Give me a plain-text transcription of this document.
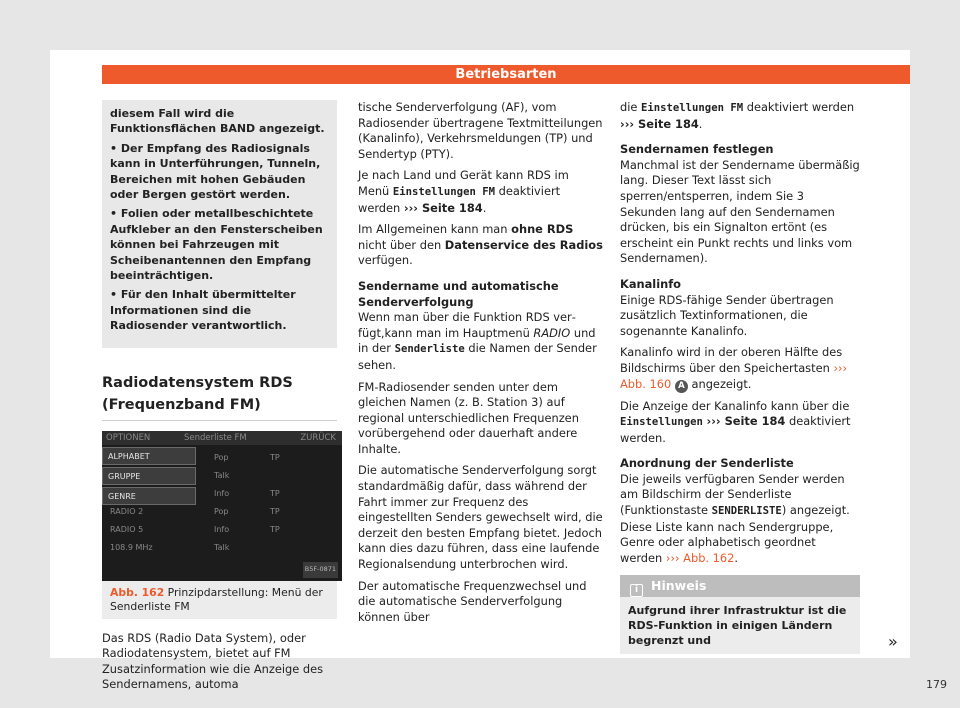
Betriebsarten

diesem Fall wird die Funktionsflächen BAND angezeigt.

• Der Empfang des Radiosignals kann in Unterführungen, Tunneln, Bereichen mit hohen Gebäuden oder Bergen gestört werden.

• Folien oder metallbeschichtete Aufkleber an den Fensterscheiben können bei Fahrzeugen mit Scheibenantennen den Empfang beeinträchtigen.

• Für den Inhalt übermittelter Informationen sind die Radiosender verantwortlich.

Radiodatensystem RDS (Frequenzband FM)
OPTIONEN	Senderliste FM	ZURÜCK
ALPHABET
GRUPPE
GENRE
Pop	TP
Talk
Info	TP
RADIO 2	Pop	TP
RADIO 5	Info	TP
108.9 MHz	Talk
B5F-0871
Abb. 162 Prinzipdarstellung: Menü der Senderliste FM

Das RDS (Radio Data System), oder Radiodatensystem, bietet auf FM Zusatzinformation wie die Anzeige des Sendernamens, automa

tische Senderverfolgung (AF), vom Radiosender übertragene Textmitteilungen (Kanalinfo), Verkehrsmeldungen (TP) und Sendertyp (PTY).

Je nach Land und Gerät kann RDS im Menü Einstellungen FM deaktiviert werden ››› Seite 184.

Im Allgemeinen kann man ohne RDS nicht über den Datenservice des Radios verfügen.

Sendername und automatische Senderverfolgung

Wenn man über die Funktion RDS verfügt,kann man im Hauptmenü RADIO und in der Senderliste die Namen der Sender sehen.

FM-Radiosender senden unter dem gleichen Namen (z. B. Station 3) auf regional unterschiedlichen Frequenzen vorübergehend oder dauerhaft andere Inhalte.

Die automatische Senderverfolgung sorgt standardmäßig dafür, dass während der Fahrt immer zur Frequenz des eingestellten Senders gewechselt wird, die derzeit den besten Empfang bietet. Jedoch kann dies dazu führen, dass eine laufende Regionalsendung unterbrochen wird.

Der automatische Frequenzwechsel und die automatische Senderverfolgung können über

die Einstellungen FM deaktiviert werden ››› Seite 184.

Sendernamen festlegen

Manchmal ist der Sendername übermäßig lang. Dieser Text lässt sich sperren/entsperren, indem Sie 3 Sekunden lang auf den Sendernamen drücken, bis ein Signalton ertönt (es erscheint ein Punkt rechts und links vom Sendernamen).

Kanalinfo

Einige RDS-fähige Sender übertragen zusätzlich Textinformationen, die sogenannte Kanalinfo.

Kanalinfo wird in der oberen Hälfte des Bildschirms über den Speichertasten ››› Abb. 160 A angezeigt.

Die Anzeige der Kanalinfo kann über die Einstellungen ››› Seite 184 deaktiviert werden.

Anordnung der Senderliste

Die jeweils verfügbaren Sender werden am Bildschirm der Senderliste (Funktionstaste SENDERLISTE) angezeigt. Diese Liste kann nach Sendergruppe, Genre oder alphabetisch geordnet werden ››› Abb. 162.

i Hinweis
Aufgrund ihrer Infrastruktur ist die RDS-Funktion in einigen Ländern begrenzt und	»
179
